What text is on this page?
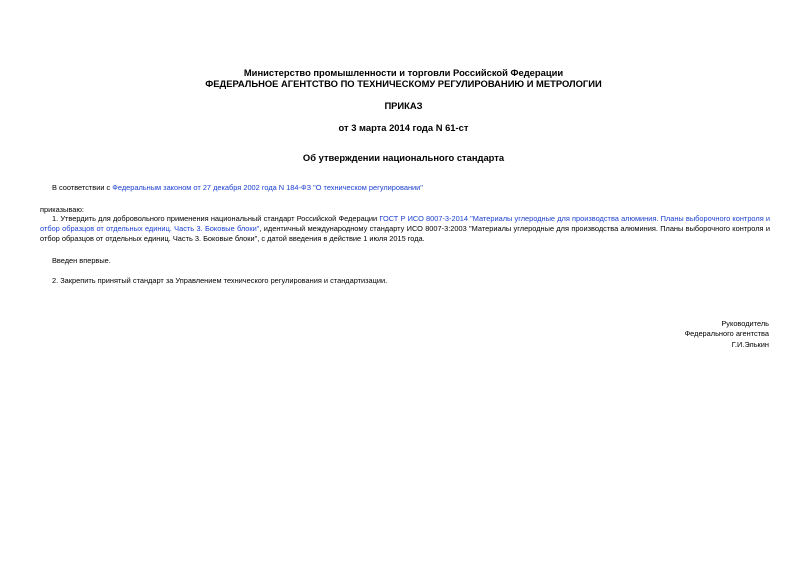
Министерство промышленности и торговли Российской Федерации
ФЕДЕРАЛЬНОЕ АГЕНТСТВО ПО ТЕХНИЧЕСКОМУ РЕГУЛИРОВАНИЮ И МЕТРОЛОГИИ
ПРИКАЗ
от 3 марта 2014 года N 61-ст
Об утверждении национального стандарта
В соответствии с Федеральным законом от 27 декабря 2002 года N 184-ФЗ "О техническом регулировании"
приказываю:
1. Утвердить для добровольного применения национальный стандарт Российской Федерации ГОСТ Р ИСО 8007-3-2014 "Материалы углеродные для производства алюминия. Планы выборочного контроля и отбор образцов от отдельных единиц. Часть 3. Боковые блоки", идентичный международному стандарту ИСО 8007-3:2003 "Материалы углеродные для производства алюминия. Планы выборочного контроля и отбор образцов от отдельных единиц. Часть 3. Боковые блоки", с датой введения в действие 1 июля 2015 года.
Введен впервые.
2. Закрепить принятый стандарт за Управлением технического регулирования и стандартизации.
Руководитель
Федерального агентства
Г.И.Элькин
